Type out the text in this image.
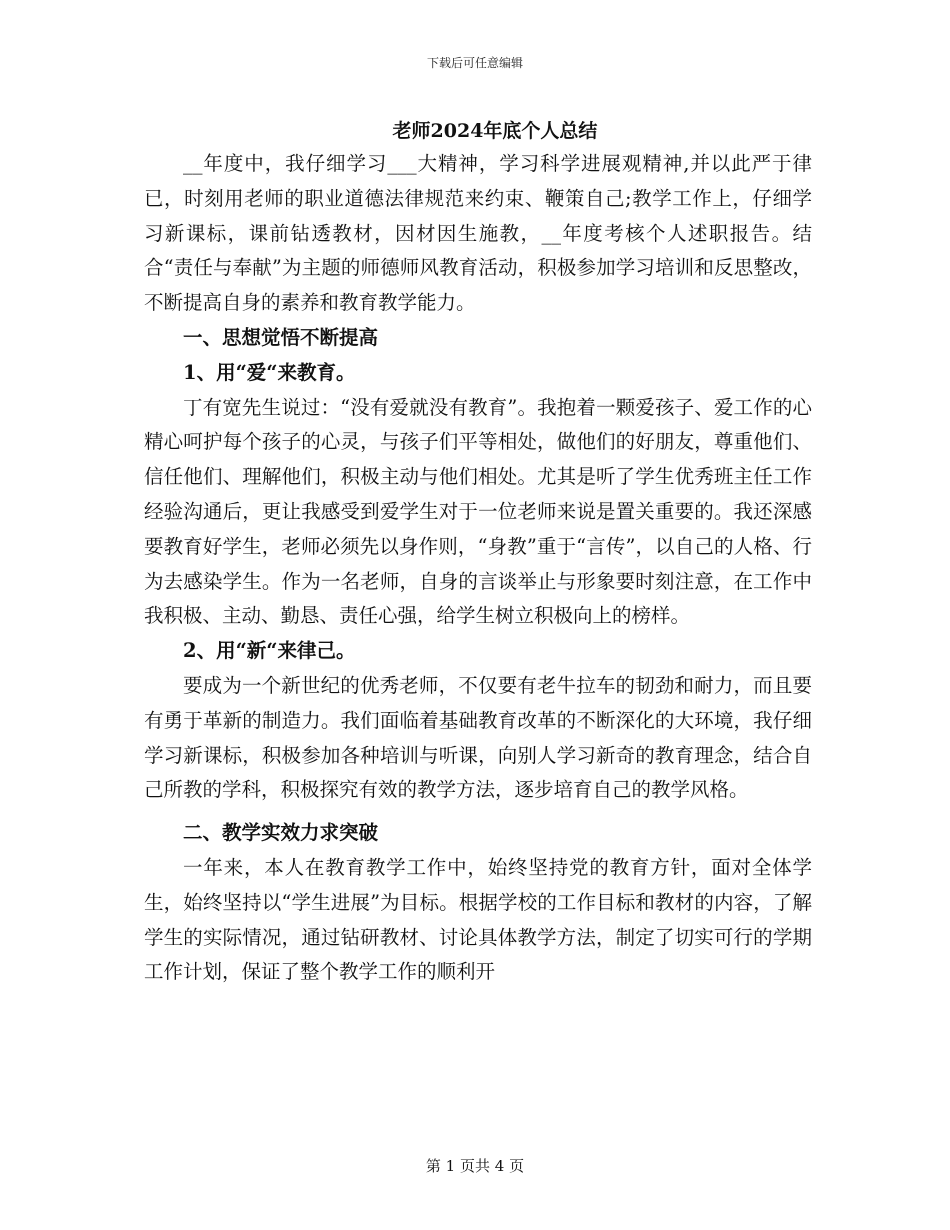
下载后可任意编辑
老师2024年底个人总结

__年度中，我仔细学习___大精神，学习科学进展观精神,并以此严于律已，时刻用老师的职业道德法律规范来约束、鞭策自己;教学工作上，仔细学习新课标，课前钻透教材，因材因生施教，__年度考核个人述职报告。结合“责任与奉献”为主题的师德师风教育活动，积极参加学习培训和反思整改，不断提高自身的素养和教育教学能力。

一、思想觉悟不断提高
1、用“爱“来教育。

丁有宽先生说过：“没有爱就没有教育”。我抱着一颗爱孩子、爱工作的心精心呵护每个孩子的心灵，与孩子们平等相处，做他们的好朋友，尊重他们、信任他们、理解他们，积极主动与他们相处。尤其是听了学生优秀班主任工作经验沟通后，更让我感受到爱学生对于一位老师来说是置关重要的。我还深感要教育好学生，老师必须先以身作则，“身教”重于“言传”，以自己的人格、行为去感染学生。作为一名老师，自身的言谈举止与形象要时刻注意，在工作中我积极、主动、勤恳、责任心强，给学生树立积极向上的榜样。

2、用“新“来律己。

要成为一个新世纪的优秀老师，不仅要有老牛拉车的韧劲和耐力，而且要有勇于革新的制造力。我们面临着基础教育改革的不断深化的大环境，我仔细学习新课标，积极参加各种培训与听课，向别人学习新奇的教育理念，结合自己所教的学科，积极探究有效的教学方法，逐步培育自己的教学风格。

二、教学实效力求突破

一年来，本人在教育教学工作中，始终坚持党的教育方针，面对全体学生，始终坚持以“学生进展”为目标。根据学校的工作目标和教材的内容，了解学生的实际情况，通过钻研教材、讨论具体教学方法，制定了切实可行的学期工作计划，保证了整个教学工作的顺利开

第 1 页共 4 页
